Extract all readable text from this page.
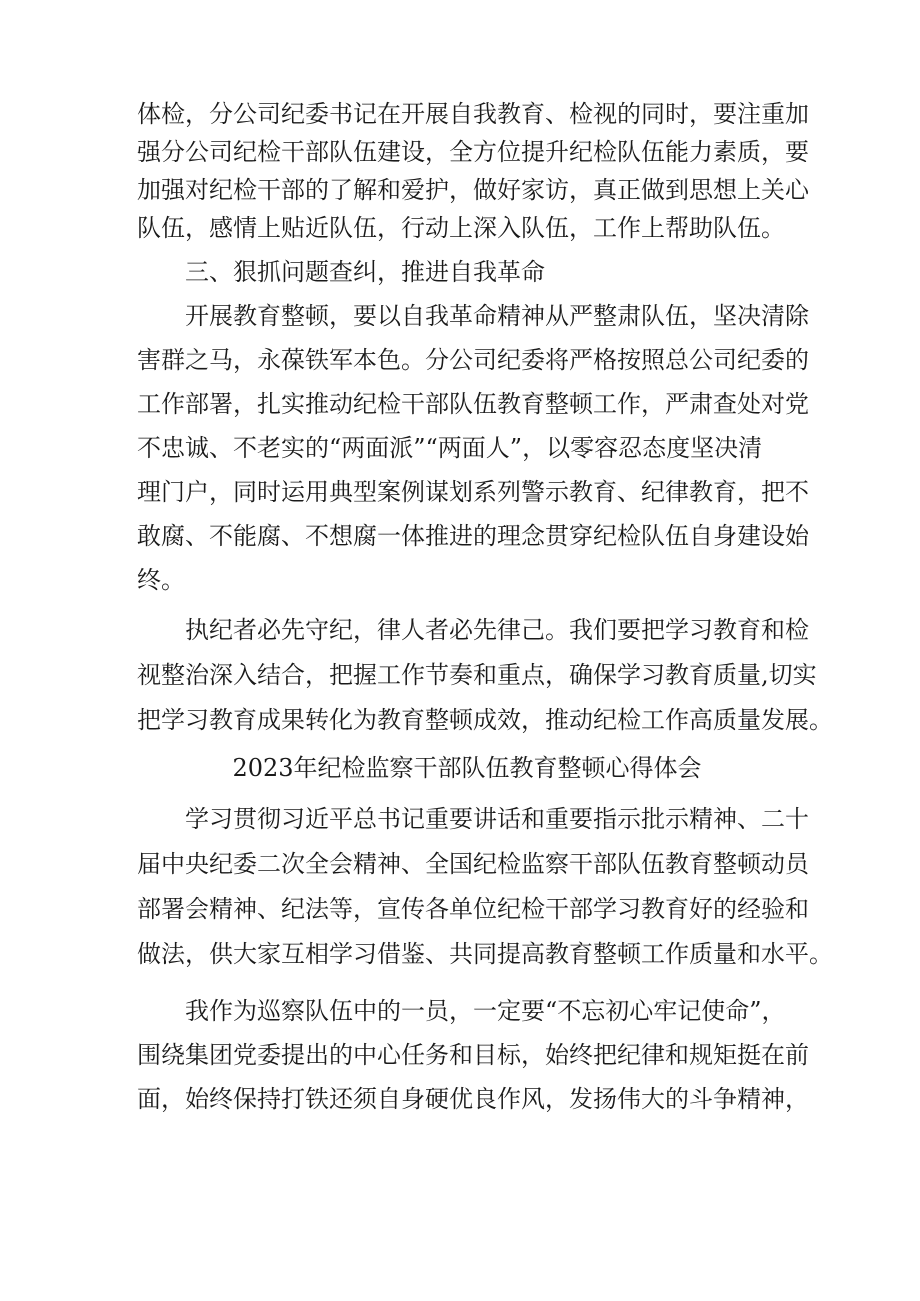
体检，分公司纪委书记在开展自我教育、检视的同时，要注重加
强分公司纪检干部队伍建设，全方位提升纪检队伍能力素质，要
加强对纪检干部的了解和爱护，做好家访，真正做到思想上关心
队伍，感情上贴近队伍，行动上深入队伍，工作上帮助队伍。
三、狠抓问题查纠，推进自我革命
开展教育整顿，要以自我革命精神从严整肃队伍，坚决清除
害群之马，永葆铁军本色。分公司纪委将严格按照总公司纪委的
工作部署，扎实推动纪检干部队伍教育整顿工作，严肃查处对党
不忠诚、不老实的“两面派”“两面人”，以零容忍态度坚决清
理门户，同时运用典型案例谋划系列警示教育、纪律教育，把不
敢腐、不能腐、不想腐一体推进的理念贯穿纪检队伍自身建设始
终。
执纪者必先守纪，律人者必先律己。我们要把学习教育和检
视整治深入结合，把握工作节奏和重点，确保学习教育质量,切实
把学习教育成果转化为教育整顿成效，推动纪检工作高质量发展。
2023年纪检监察干部队伍教育整顿心得体会
学习贯彻习近平总书记重要讲话和重要指示批示精神、二十
届中央纪委二次全会精神、全国纪检监察干部队伍教育整顿动员
部署会精神、纪法等，宣传各单位纪检干部学习教育好的经验和
做法，供大家互相学习借鉴、共同提高教育整顿工作质量和水平。
我作为巡察队伍中的一员，一定要“不忘初心牢记使命”，
围绕集团党委提出的中心任务和目标，始终把纪律和规矩挺在前
面，始终保持打铁还须自身硬优良作风，发扬伟大的斗争精神，
